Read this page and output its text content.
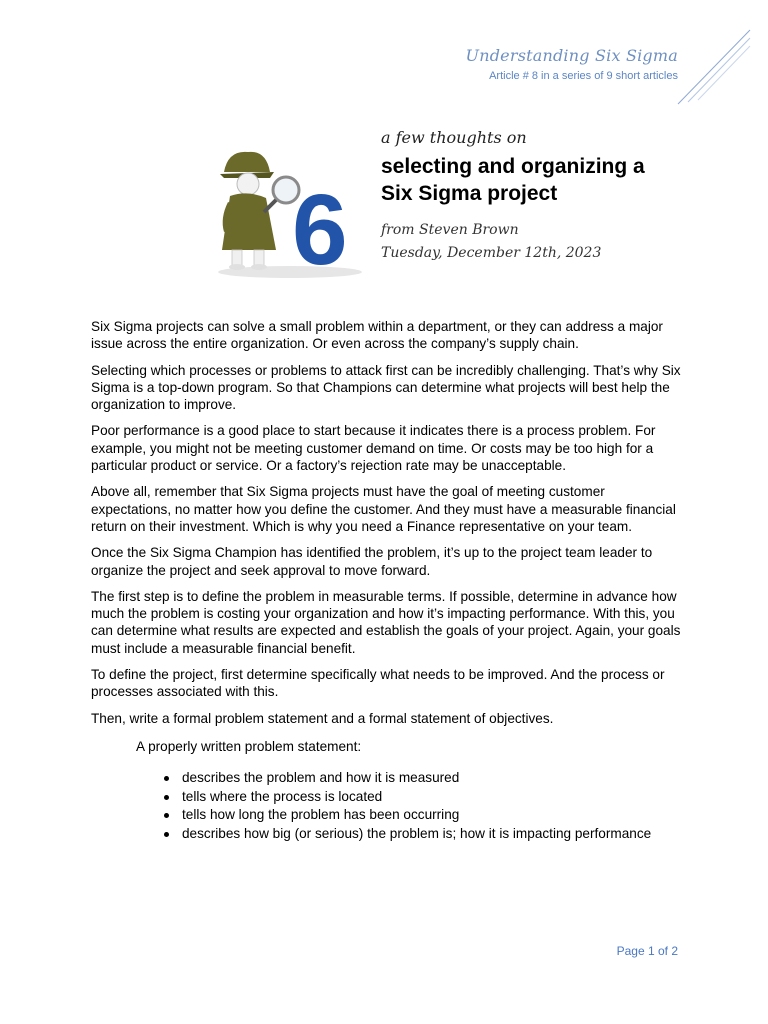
Understanding Six Sigma
Article # 8 in a series of 9 short articles
6
a few thoughts on
selecting and organizing a
Six Sigma project
from Steven Brown
Tuesday, December 12th, 2023

Six Sigma projects can solve a small problem within a department, or they can address a major issue across the entire organization. Or even across the company’s supply chain.

Selecting which processes or problems to attack first can be incredibly challenging. That’s why Six Sigma is a top-down program. So that Champions can determine what projects will best help the organization to improve.

Poor performance is a good place to start because it indicates there is a process problem. For example, you might not be meeting customer demand on time. Or costs may be too high for a particular product or service. Or a factory’s rejection rate may be unacceptable.

Above all, remember that Six Sigma projects must have the goal of meeting customer expectations, no matter how you define the customer. And they must have a measurable financial return on their investment. Which is why you need a Finance representative on your team.

Once the Six Sigma Champion has identified the problem, it’s up to the project team leader to organize the project and seek approval to move forward.

The first step is to define the problem in measurable terms. If possible, determine in advance how much the problem is costing your organization and how it’s impacting performance. With this, you can determine what results are expected and establish the goals of your project. Again, your goals must include a measurable financial benefit.

To define the project, first determine specifically what needs to be improved. And the process or processes associated with this.

Then, write a formal problem statement and a formal statement of objectives.

A properly written problem statement:
describes the problem and how it is measured
tells where the process is located
tells how long the problem has been occurring
describes how big (or serious) the problem is; how it is impacting performance
Page 1 of 2
